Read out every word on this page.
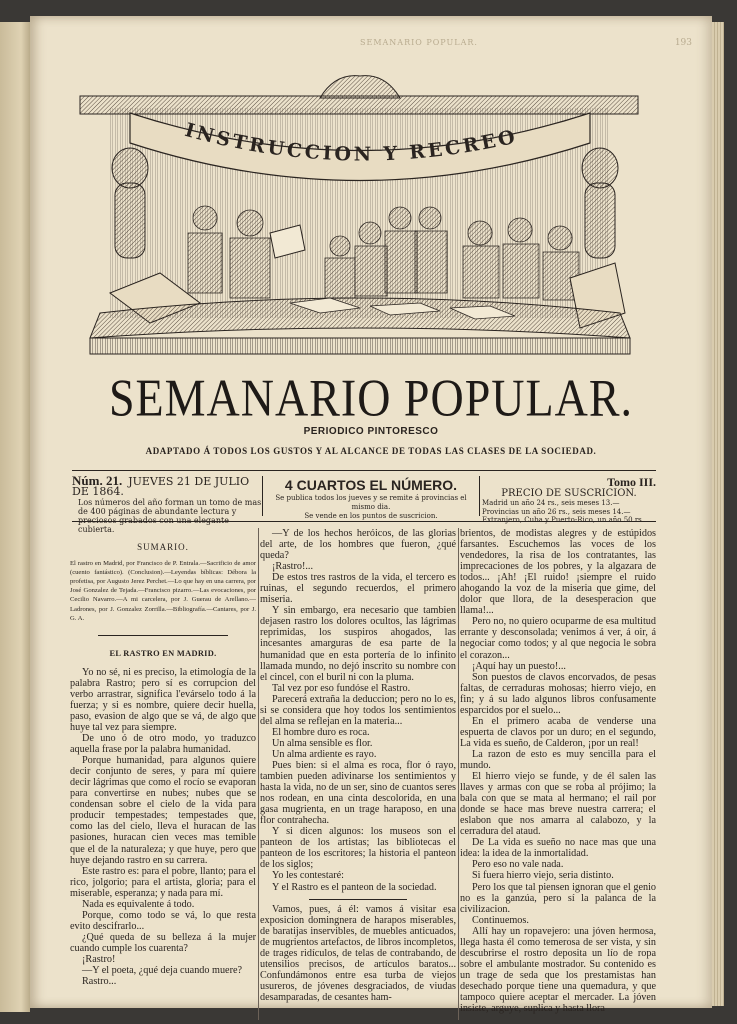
SEMANARIO POPULAR.	193
INSTRUCCION Y RECREO
SEMANARIO POPULAR.
PERIODICO PINTORESCO
ADAPTADO Á TODOS LOS GUSTOS Y AL ALCANCE DE TODAS LAS CLASES DE LA SOCIEDAD.
Núm. 21. JUEVES 21 DE JULIO DE 1864.
Los números del año forman un tomo de mas de 400 páginas de abundante lectura y preciosos grabados con una elegante cubierta.
4 CUARTOS EL NÚMERO.
Se publica todos los jueves y se remite á provincias el mismo dia.
Se vende en los puntos de suscricion.
Tomo III.
PRECIO DE SUSCRICION.
Madrid un año 24 rs., seis meses 13.—Provincias un año 26 rs., seis meses 14.—Extranjero, Cuba y Puerto-Rico, un año 50 rs.
SUMARIO.
El rastro en Madrid, por Francisco de P. Entrala.—Sacrificio de amor (cuento fantástico). (Conclusion).—Leyendas bíblicas: Débora la profetisa, por Augusto Jerez Perchet.—Lo que hay en una carrera, por José Gonzalez de Tejada.—Francisco pizarro.—Las evocaciones, por Cecilio Navarro.—A mi carcelera, por J. Guerau de Arellano.—Ladrones, por J. Gonzalez Zorrilla.—Bibliografía.—Cantares, por J. G. A.
EL RASTRO EN MADRID.

Yo no sé, ni es preciso, la etimología de la palabra Rastro; pero sí es corrupcion del verbo arrastrar, significa l'evárselo todo á la fuerza; y si es nombre, quiere decir huella, paso, evasion de algo que se vá, de algo que huye tal vez para siempre.

De uno ó de otro modo, yo traduzco aquella frase por la palabra humanidad.

Porque humanidad, para algunos quiere decir conjunto de seres, y para mí quiere decir lágrimas que como el rocío se evaporan para convertirse en nubes; nubes que se condensan sobre el cielo de la vida para producir tempestades; tempestades que, como las del cielo, lleva el huracan de las pasiones, huracan cien veces mas temible que el de la naturaleza; y que huye, pero que huye dejando rastro en su carrera.

Este rastro es: para el pobre, llanto; para el rico, jolgorio; para el artista, gloria; para el miserable, esperanza; y nada para mí.

Nada es equivalente á todo.

Porque, como todo se vá, lo que resta evito descifrarlo...

¿Qué queda de su belleza á la mujer cuando cumple los cuarenta?

¡Rastro!

—Y el poeta, ¿qué deja cuando muere?

Rastro...

—Y de los hechos heróicos, de las glorias del arte, de los hombres que fueron, ¿qué queda?

¡Rastro!...

De estos tres rastros de la vida, el tercero es ruinas, el segundo recuerdos, el primero miseria.

Y sin embargo, era necesario que tambien dejasen rastro los dolores ocultos, las lágrimas reprimidas, los suspiros ahogados, las incesantes amarguras de esa parte de la humanidad que en esta portería de lo infinito llamada mundo, no dejó inscrito su nombre con el cincel, con el buril ni con la pluma.

Tal vez por eso fundóse el Rastro.

Parecerá extraña la deduccion; pero no lo es, si se considera que hoy todos los sentimientos del alma se reflejan en la materia...

El hombre duro es roca.

Un alma sensible es flor.

Un alma ardiente es rayo.

Pues bien: si el alma es roca, flor ó rayo, tambien pueden adivinarse los sentimientos y hasta la vida, no de un ser, sino de cuantos seres nos rodean, en una cinta descolorida, en una gasa mugrienta, en un trage haraposo, en una flor contrahecha.

Y si dicen algunos: los museos son el panteon de los artistas; las bibliotecas el panteon de los escritores; la historia el panteon de los siglos;

Yo les contestaré:

Y el Rastro es el panteon de la sociedad.

Vamos, pues, á él: vamos á visitar esa exposicion domingnera de harapos miserables, de baratijas inservibles, de muebles anticuados, de mugrientos artefactos, de libros incompletos, de trages ridículos, de telas de contrabando, de utensilios precisos, de artículos baratos... Confundámonos entre esa turba de viejos usureros, de jóvenes desgraciados, de viudas desamparadas, de cesantes ham-

brientos, de modistas alegres y de estúpidos farsantes. Escuchemos las voces de los vendedores, la risa de los contratantes, las imprecaciones de los pobres, y la algazara de todos... ¡Ah! ¡El ruido! ¡siempre el ruido ahogando la voz de la miseria que gime, del dolor que llora, de la desesperacion que llama!...

Pero no, no quiero ocuparme de esa multitud errante y desconsolada; venimos á ver, á oir, á negociar como todos; y al que negocia le sobra el corazon...

¡Aquí hay un puesto!...

Son puestos de clavos encorvados, de pesas faltas, de cerraduras mohosas; hierro viejo, en fin; y á su lado algunos libros confusamente esparcidos por el suelo...

En el primero acaba de venderse una espuerta de clavos por un duro; en el segundo, La vida es sueño, de Calderon, ¡por un real!

La razon de esto es muy sencilla para el mundo.

El hierro viejo se funde, y de él salen las llaves y armas con que se roba al prójimo; la bala con que se mata al hermano; el rail por donde se hace mas breve nuestra carrera; el eslabon que nos amarra al calabozo, y la cerradura del ataud.

De La vida es sueño no nace mas que una idea: la idea de la inmortalidad.

Pero eso no vale nada.

Si fuera hierro viejo, seria distinto.

Pero los que tal piensen ignoran que el genio no es la ganzúa, pero sí la palanca de la civilizacion.

Continuemos.

Allí hay un ropavejero: una jóven hermosa, llega hasta él como temerosa de ser vista, y sin descubrirse el rostro deposita un lío de ropa sobre el ambulante mostrador. Su contenido es un trage de seda que los prestamistas han desechado porque tiene una quemadura, y que tampoco quiere aceptar el mercader. La jóven insiste, arguye, suplica y hasta llora
